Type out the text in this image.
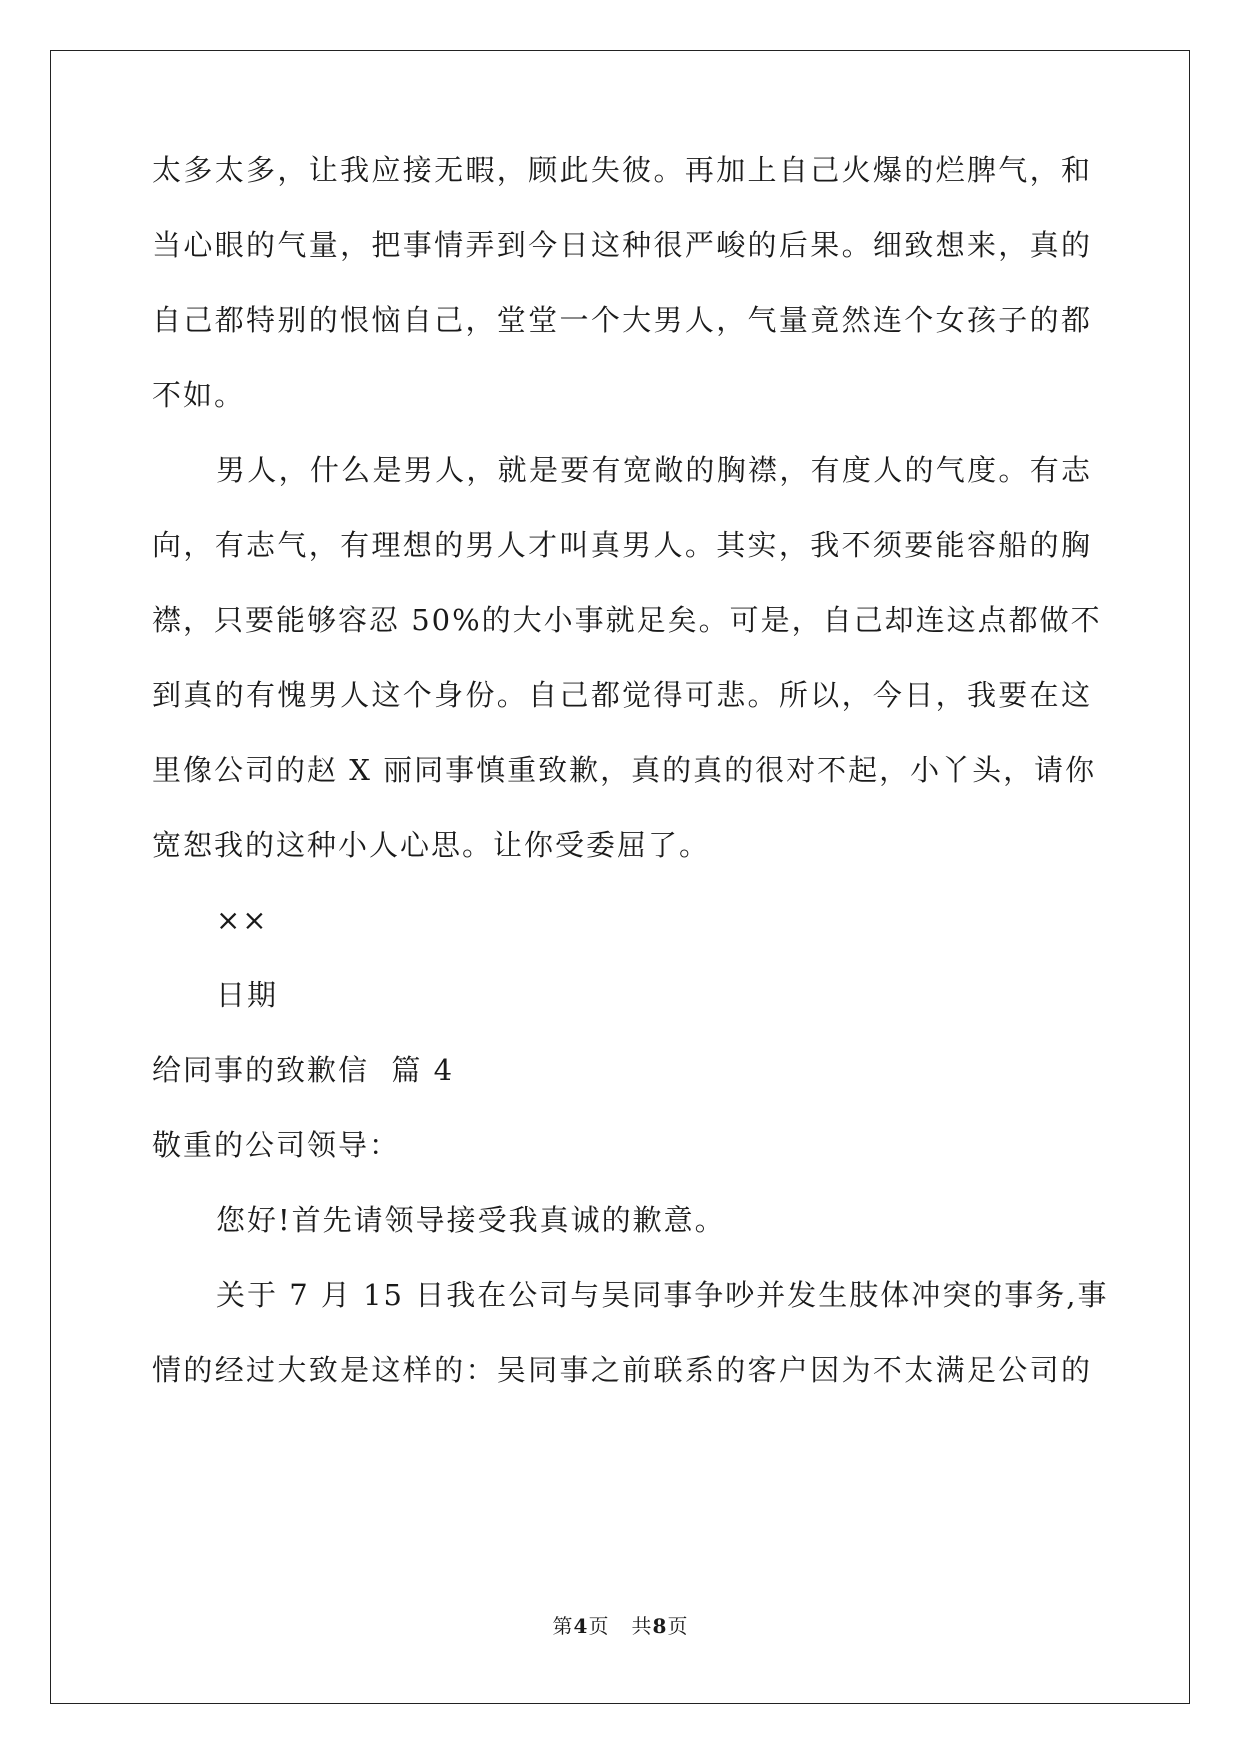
太多太多，让我应接无暇，顾此失彼。再加上自己火爆的烂脾气，和
当心眼的气量，把事情弄到今日这种很严峻的后果。细致想来，真的
自己都特别的恨恼自己，堂堂一个大男人，气量竟然连个女孩子的都
不如。
男人，什么是男人，就是要有宽敞的胸襟，有度人的气度。有志
向，有志气，有理想的男人才叫真男人。其实，我不须要能容船的胸
襟，只要能够容忍 50%的大小事就足矣。可是，自己却连这点都做不
到真的有愧男人这个身份。自己都觉得可悲。所以，今日，我要在这
里像公司的赵 X 丽同事慎重致歉，真的真的很对不起，小丫头，请你
宽恕我的这种小人心思。让你受委屈了。
××
日期
给同事的致歉信  篇 4
敬重的公司领导：
您好!首先请领导接受我真诚的歉意。
关于 7 月 15 日我在公司与吴同事争吵并发生肢体冲突的事务,事
情的经过大致是这样的：吴同事之前联系的客户因为不太满足公司的
第4页   共8页
